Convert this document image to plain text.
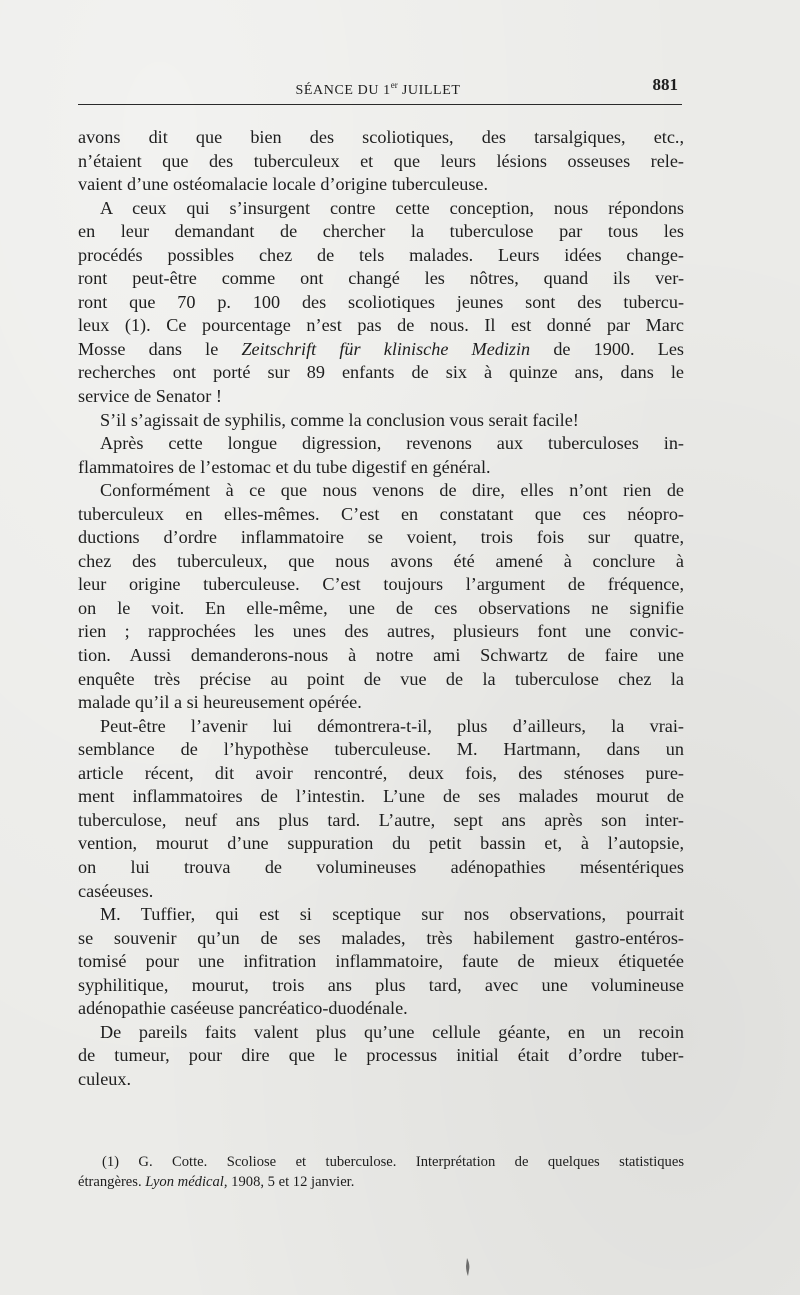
SÉANCE DU 1er JUILLET	881
avons dit que bien des scoliotiques, des tarsalgiques, etc.,
n’étaient que des tuberculeux et que leurs lésions osseuses rele-
vaient d’une ostéomalacie locale d’origine tuberculeuse.
A ceux qui s’insurgent contre cette conception, nous répondons
en leur demandant de chercher la tuberculose par tous les
procédés possibles chez de tels malades. Leurs idées change-
ront peut-être comme ont changé les nôtres, quand ils ver-
ront que 70 p. 100 des scoliotiques jeunes sont des tubercu-
leux (1). Ce pourcentage n’est pas de nous. Il est donné par Marc
Mosse dans le Zeitschrift für klinische Medizin de 1900. Les
recherches ont porté sur 89 enfants de six à quinze ans, dans le
service de Senator !
S’il s’agissait de syphilis, comme la conclusion vous serait facile!
Après cette longue digression, revenons aux tuberculoses in-
flammatoires de l’estomac et du tube digestif en général.
Conformément à ce que nous venons de dire, elles n’ont rien de
tuberculeux en elles-mêmes. C’est en constatant que ces néopro-
ductions d’ordre inflammatoire se voient, trois fois sur quatre,
chez des tuberculeux, que nous avons été amené à conclure à
leur origine tuberculeuse. C’est toujours l’argument de fréquence,
on le voit. En elle-même, une de ces observations ne signifie
rien ; rapprochées les unes des autres, plusieurs font une convic-
tion. Aussi demanderons-nous à notre ami Schwartz de faire une
enquête très précise au point de vue de la tuberculose chez la
malade qu’il a si heureusement opérée.
Peut-être l’avenir lui démontrera-t-il, plus d’ailleurs, la vrai-
semblance de l’hypothèse tuberculeuse. M. Hartmann, dans un
article récent, dit avoir rencontré, deux fois, des sténoses pure-
ment inflammatoires de l’intestin. L’une de ses malades mourut de
tuberculose, neuf ans plus tard. L’autre, sept ans après son inter-
vention, mourut d’une suppuration du petit bassin et, à l’autopsie,
on lui trouva de volumineuses adénopathies mésentériques
caséeuses.
M. Tuffier, qui est si sceptique sur nos observations, pourrait
se souvenir qu’un de ses malades, très habilement gastro-entéros-
tomisé pour une infitration inflammatoire, faute de mieux étiquetée
syphilitique, mourut, trois ans plus tard, avec une volumineuse
adénopathie caséeuse pancréatico-duodénale.
De pareils faits valent plus qu’une cellule géante, en un recoin
de tumeur, pour dire que le processus initial était d’ordre tuber-
culeux.
(1) G. Cotte. Scoliose et tuberculose. Interprétation de quelques statistiques
étrangères. Lyon médical, 1908, 5 et 12 janvier.
